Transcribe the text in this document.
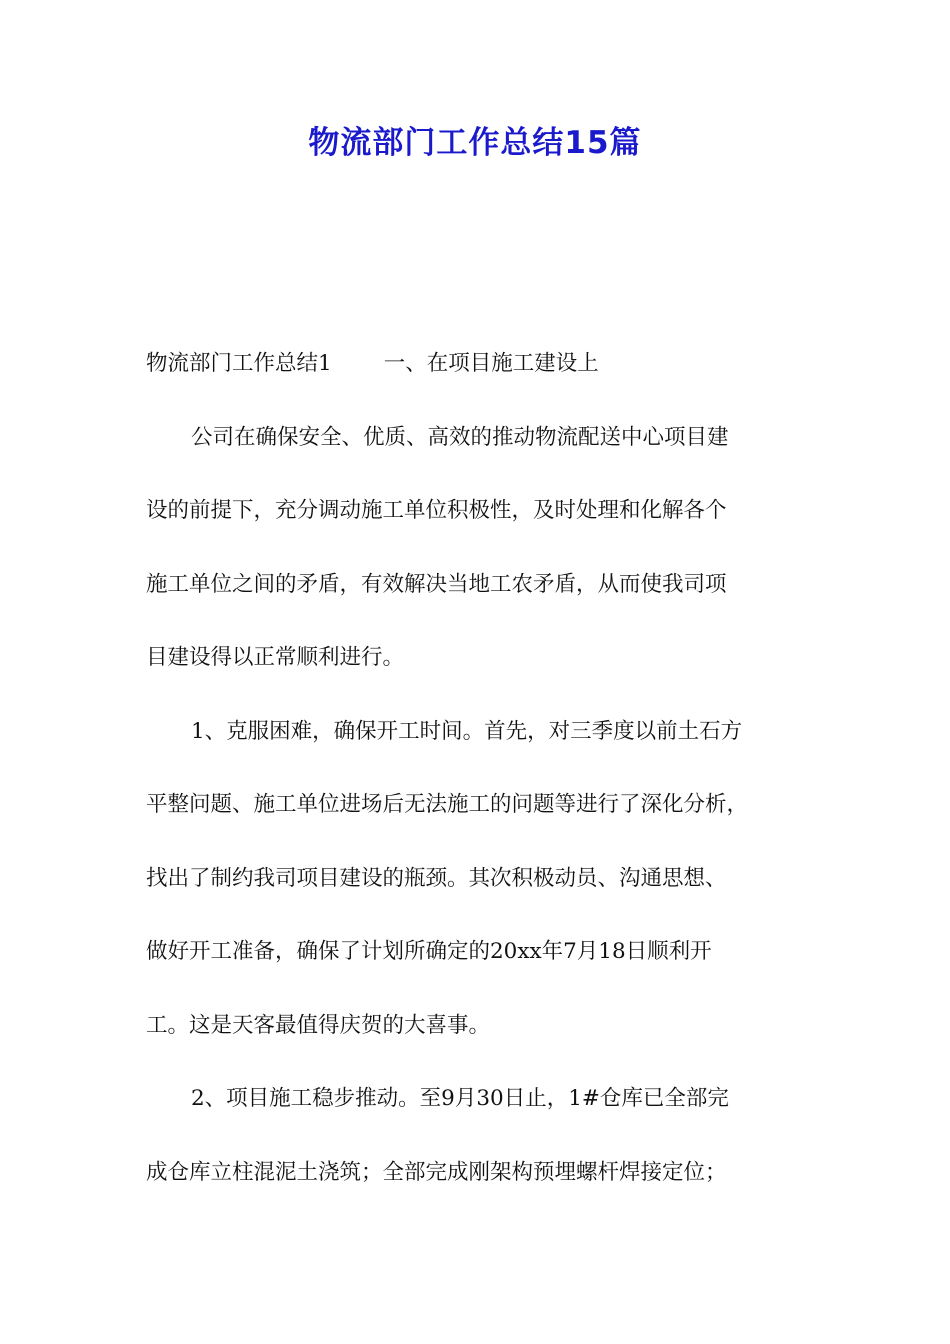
物流部门工作总结15篇
物流部门工作总结1 一、在项目施工建设上
公司在确保安全、优质、高效的推动物流配送中心项目建
设的前提下，充分调动施工单位积极性，及时处理和化解各个
施工单位之间的矛盾，有效解决当地工农矛盾，从而使我司项
目建设得以正常顺利进行。
1、克服困难，确保开工时间。首先，对三季度以前土石方
平整问题、施工单位进场后无法施工的问题等进行了深化分析，
找出了制约我司项目建设的瓶颈。其次积极动员、沟通思想、
做好开工准备，确保了计划所确定的20xx年7月18日顺利开
工。这是天客最值得庆贺的大喜事。
2、项目施工稳步推动。至9月30日止，1#仓库已全部完
成仓库立柱混泥土浇筑；全部完成刚架构预埋螺杆焊接定位；
